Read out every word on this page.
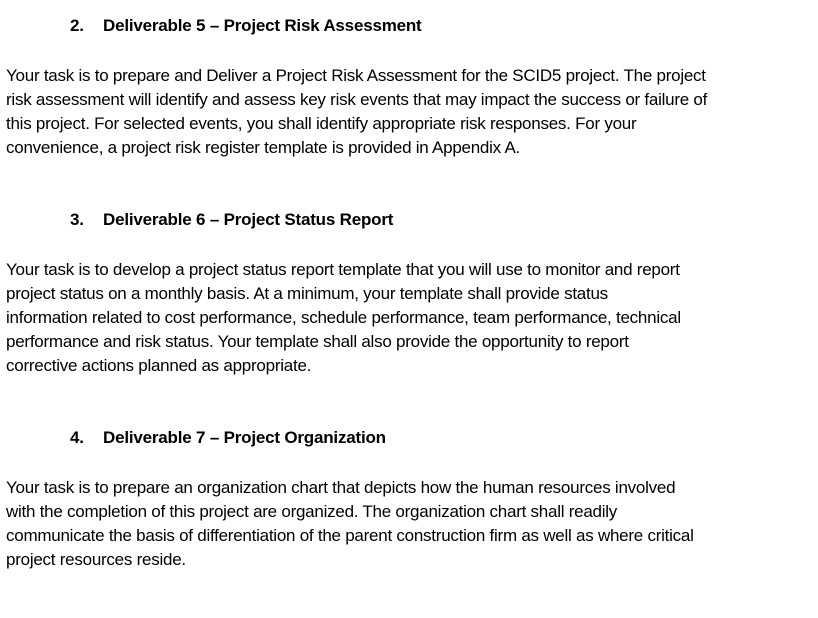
2. Deliverable 5 – Project Risk Assessment
Your task is to prepare and Deliver a Project Risk Assessment for the SCID5 project. The project
risk assessment will identify and assess key risk events that may impact the success or failure of
this project. For selected events, you shall identify appropriate risk responses. For your
convenience, a project risk register template is provided in Appendix A.
3. Deliverable 6 – Project Status Report
Your task is to develop a project status report template that you will use to monitor and report
project status on a monthly basis. At a minimum, your template shall provide status
information related to cost performance, schedule performance, team performance, technical
performance and risk status. Your template shall also provide the opportunity to report
corrective actions planned as appropriate.
4. Deliverable 7 – Project Organization
Your task is to prepare an organization chart that depicts how the human resources involved
with the completion of this project are organized. The organization chart shall readily
communicate the basis of differentiation of the parent construction firm as well as where critical
project resources reside.
